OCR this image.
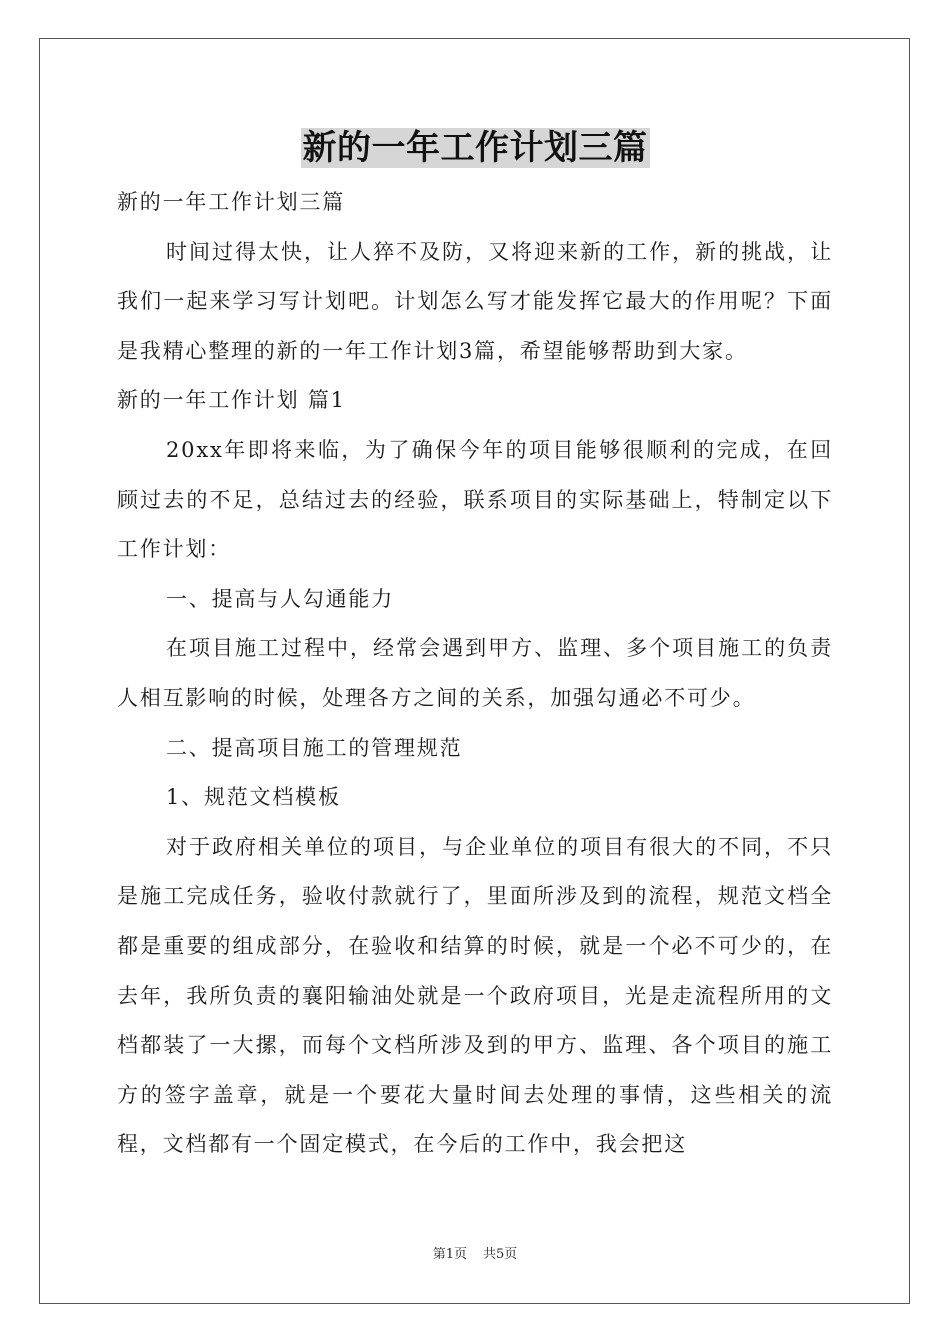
新的一年工作计划三篇

新的一年工作计划三篇

时间过得太快，让人猝不及防，又将迎来新的工作，新的挑战，让我们一起来学习写计划吧。计划怎么写才能发挥它最大的作用呢？下面是我精心整理的新的一年工作计划3篇，希望能够帮助到大家。

新的一年工作计划 篇1

20xx年即将来临，为了确保今年的项目能够很顺利的完成，在回顾过去的不足，总结过去的经验，联系项目的实际基础上，特制定以下工作计划：

一、提高与人勾通能力

在项目施工过程中，经常会遇到甲方、监理、多个项目施工的负责人相互影响的时候，处理各方之间的关系，加强勾通必不可少。

二、提高项目施工的管理规范

1、规范文档模板

对于政府相关单位的项目，与企业单位的项目有很大的不同，不只是施工完成任务，验收付款就行了，里面所涉及到的流程，规范文档全都是重要的组成部分，在验收和结算的时候，就是一个必不可少的，在去年，我所负责的襄阳输油处就是一个政府项目，光是走流程所用的文档都装了一大摞，而每个文档所涉及到的甲方、监理、各个项目的施工方的签字盖章，就是一个要花大量时间去处理的事情，这些相关的流程，文档都有一个固定模式，在今后的工作中，我会把这

第1页 共5页
